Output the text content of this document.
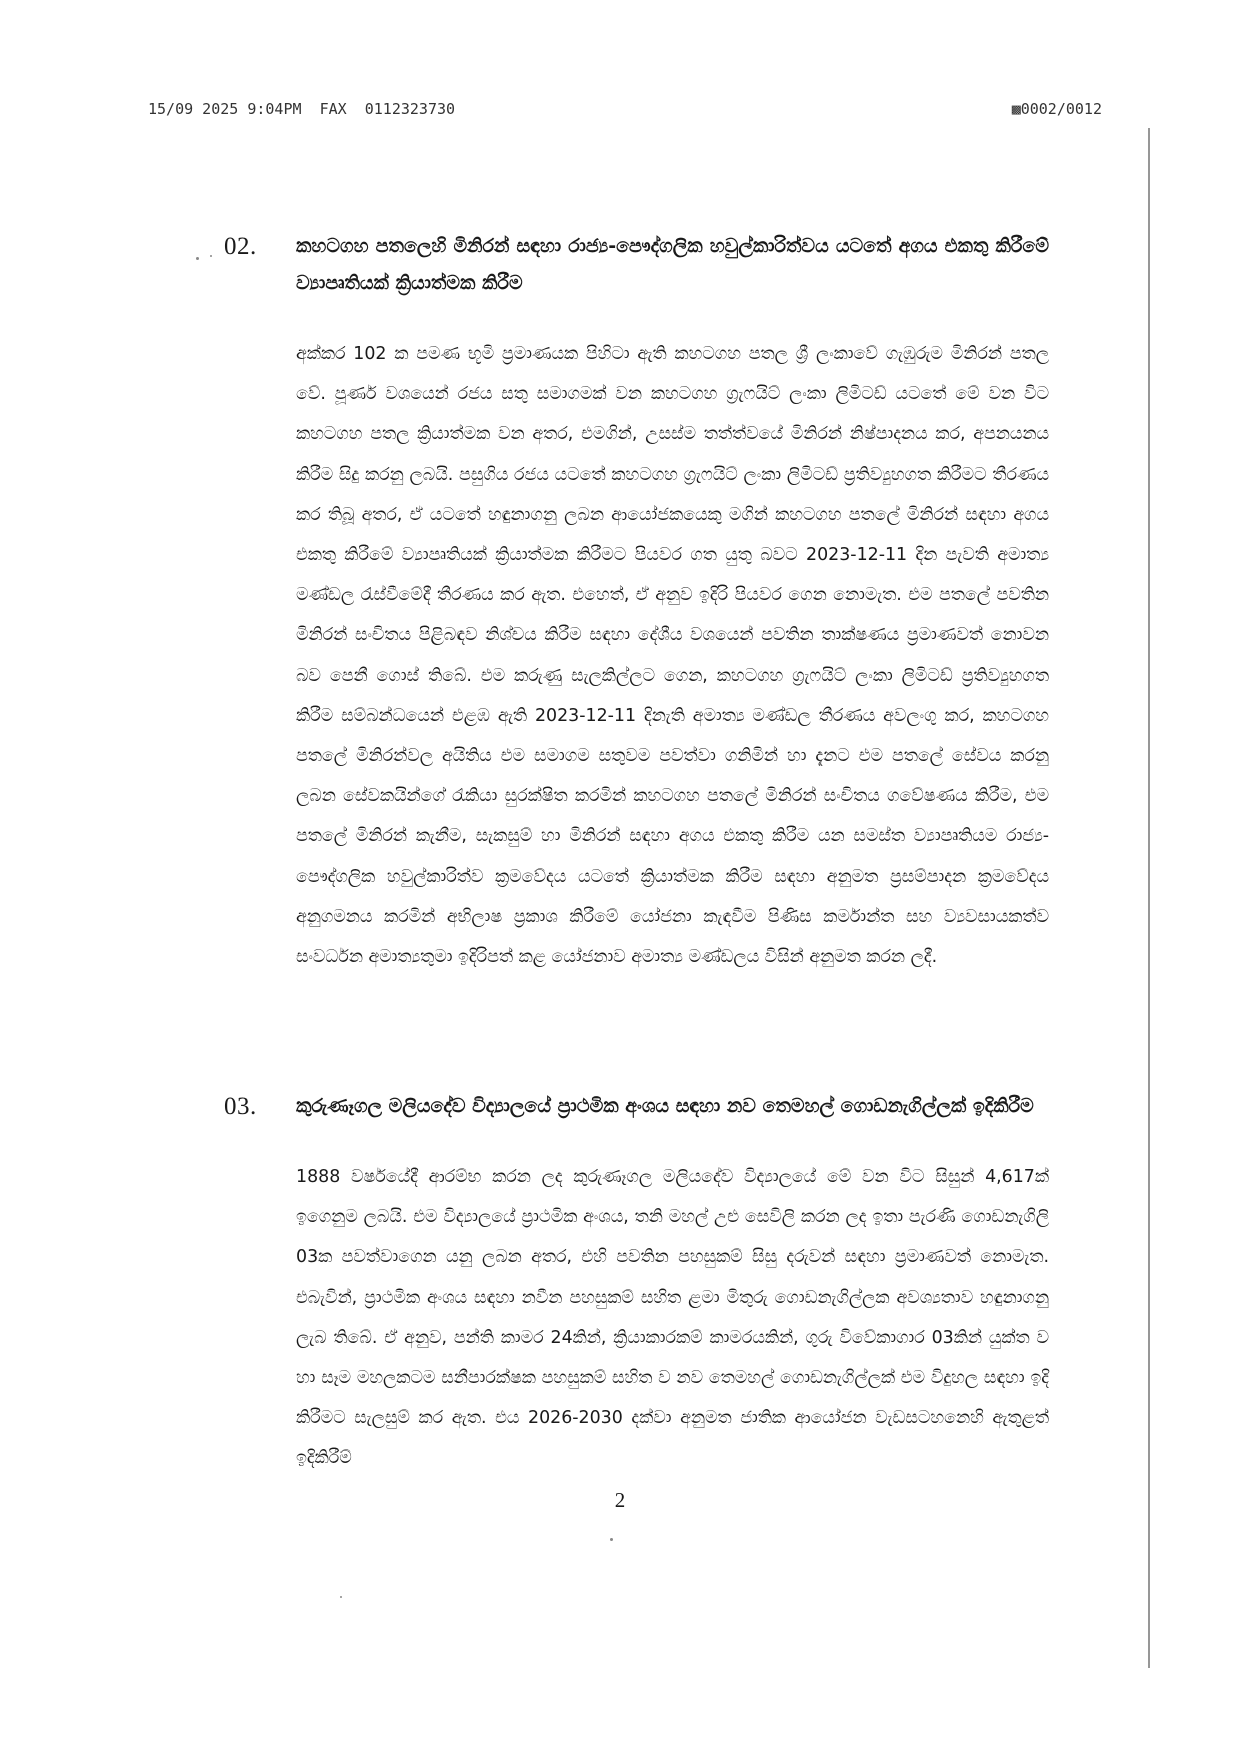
15/09 2025 9:04PM FAX 0112323730	▩0002/0012
02. කහටගහ පතලෙහි මිනිරන් සඳහා රාජ්‍ය-පෞද්ගලික හවුල්කාරිත්වය යටතේ අගය එකතු කිරීමේ ව්‍යාපෘතියක් ක්‍රියාත්මක කිරීම
අක්කර 102 ක පමණ භූමි ප්‍රමාණයක පිහිටා ඇති කහටගහ පතල ශ්‍රී ලංකාවේ ගැඹුරුම මිනිරන් පතල වේ. පූර්ණ වශයෙන් රජය සතු සමාගමක් වන කහටගහ ග්‍රැෆයිට් ලංකා ලිමිටඩ් යටතේ මේ වන විට කහටගහ පතල ක්‍රියාත්මක වන අතර, එමගින්, උසස්ම තත්ත්වයේ මිනිරන් නිෂ්පාදනය කර, අපනයනය කිරීම සිදු කරනු ලබයි. පසුගිය රජය යටතේ කහටගහ ග්‍රැෆයිට් ලංකා ලිමිටඩ් ප්‍රතිව්‍යුහගත කිරීමට තීරණය කර තිබූ අතර, ඒ යටතේ හඳුනාගනු ලබන ආයෝජකයෙකු මගින් කහටගහ පතලේ මිනිරන් සඳහා අගය එකතු කිරීමේ ව්‍යාපෘතියක් ක්‍රියාත්මක කිරීමට පියවර ගත යුතු බවට 2023-12-11 දින පැවති අමාත්‍ය මණ්ඩල රැස්වීමේදී තීරණය කර ඇත. එහෙත්, ඒ අනුව ඉදිරි පියවර ගෙන නොමැත. එම පතලේ පවතින මිනිරන් සංචිතය පිළිබඳව නිශ්චය කිරීම සඳහා දේශීය වශයෙන් පවතින තාක්ෂණය ප්‍රමාණවත් නොවන බව පෙනී ගොස් තිබේ. එම කරුණු සැලකිල්ලට ගෙන, කහටගහ ග්‍රැෆයිට් ලංකා ලිමිටඩ් ප්‍රතිව්‍යුහගත කිරීම සම්බන්ධයෙන් එළඹ ඇති 2023-12-11 දිනැති අමාත්‍ය මණ්ඩල තීරණය අවලංගු කර, කහටගහ පතලේ මිනිරන්වල අයිතිය එම සමාගම සතුවම පවත්වා ගනිමින් හා දැනට එම පතලේ සේවය කරනු ලබන සේවකයින්ගේ රැකියා සුරක්ෂිත කරමින් කහටගහ පතලේ මිනිරන් සංචිතය ගවේෂණය කිරීම, එම පතලේ මිනිරන් කැනීම, සැකසුම් හා මිනිරන් සඳහා අගය එකතු කිරීම යන සමස්ත ව්‍යාපෘතියම රාජ්‍ය-පෞද්ගලික හවුල්කාරිත්ව ක්‍රමවේදය යටතේ ක්‍රියාත්මක කිරීම සඳහා අනුමත ප්‍රසම්පාදන ක්‍රමවේදය අනුගමනය කරමින් අභිලාෂ ප්‍රකාශ කිරීමේ යෝජනා කැඳවීම පිණිස කර්මාන්ත සහ ව්‍යවසායකත්ව සංවර්ධන අමාත්‍යතුමා ඉදිරිපත් කළ යෝජනාව අමාත්‍ය මණ්ඩලය විසින් අනුමත කරන ලදී.
03. කුරුණෑගල මලියදේව විද්‍යාලයේ ප්‍රාථමික අංශය සඳහා නව තෙමහල් ගොඩනැගිල්ලක් ඉදිකිරීම
1888 වර්ෂයේදී ආරම්භ කරන ලද කුරුණෑගල මලියදේව විද්‍යාලයේ මේ වන විට සිසුන් 4,617ක් ඉගෙනුම ලබයි. එම විද්‍යාලයේ ප්‍රාථමික අංශය, තනි මහල් උළු සෙවිලි කරන ලද ඉතා පැරණි ගොඩනැගිලි 03ක පවත්වාගෙන යනු ලබන අතර, එහි පවතින පහසුකම් සිසු දරුවන් සඳහා ප්‍රමාණවත් නොමැත. එබැවින්, ප්‍රාථමික අංශය සඳහා නවීන පහසුකම් සහිත ළමා මිතුරු ගොඩනැගිල්ලක අවශ්‍යතාව හඳුනාගනු ලැබ තිබේ. ඒ අනුව, පන්ති කාමර 24කින්, ක්‍රියාකාරකම් කාමරයකින්, ගුරු විවේකාගාර 03කින් යුක්ත ව හා සෑම මහලකටම සනීපාරක්ෂක පහසුකම් සහිත ව නව තෙමහල් ගොඩනැගිල්ලක් එම විදුහල සඳහා ඉදි කිරීමට සැලසුම් කර ඇත. එය 2026-2030 දක්වා අනුමත ජාතික ආයෝජන වැඩසටහනෙහි ඇතුළත් ඉදිකිරීම්
2
